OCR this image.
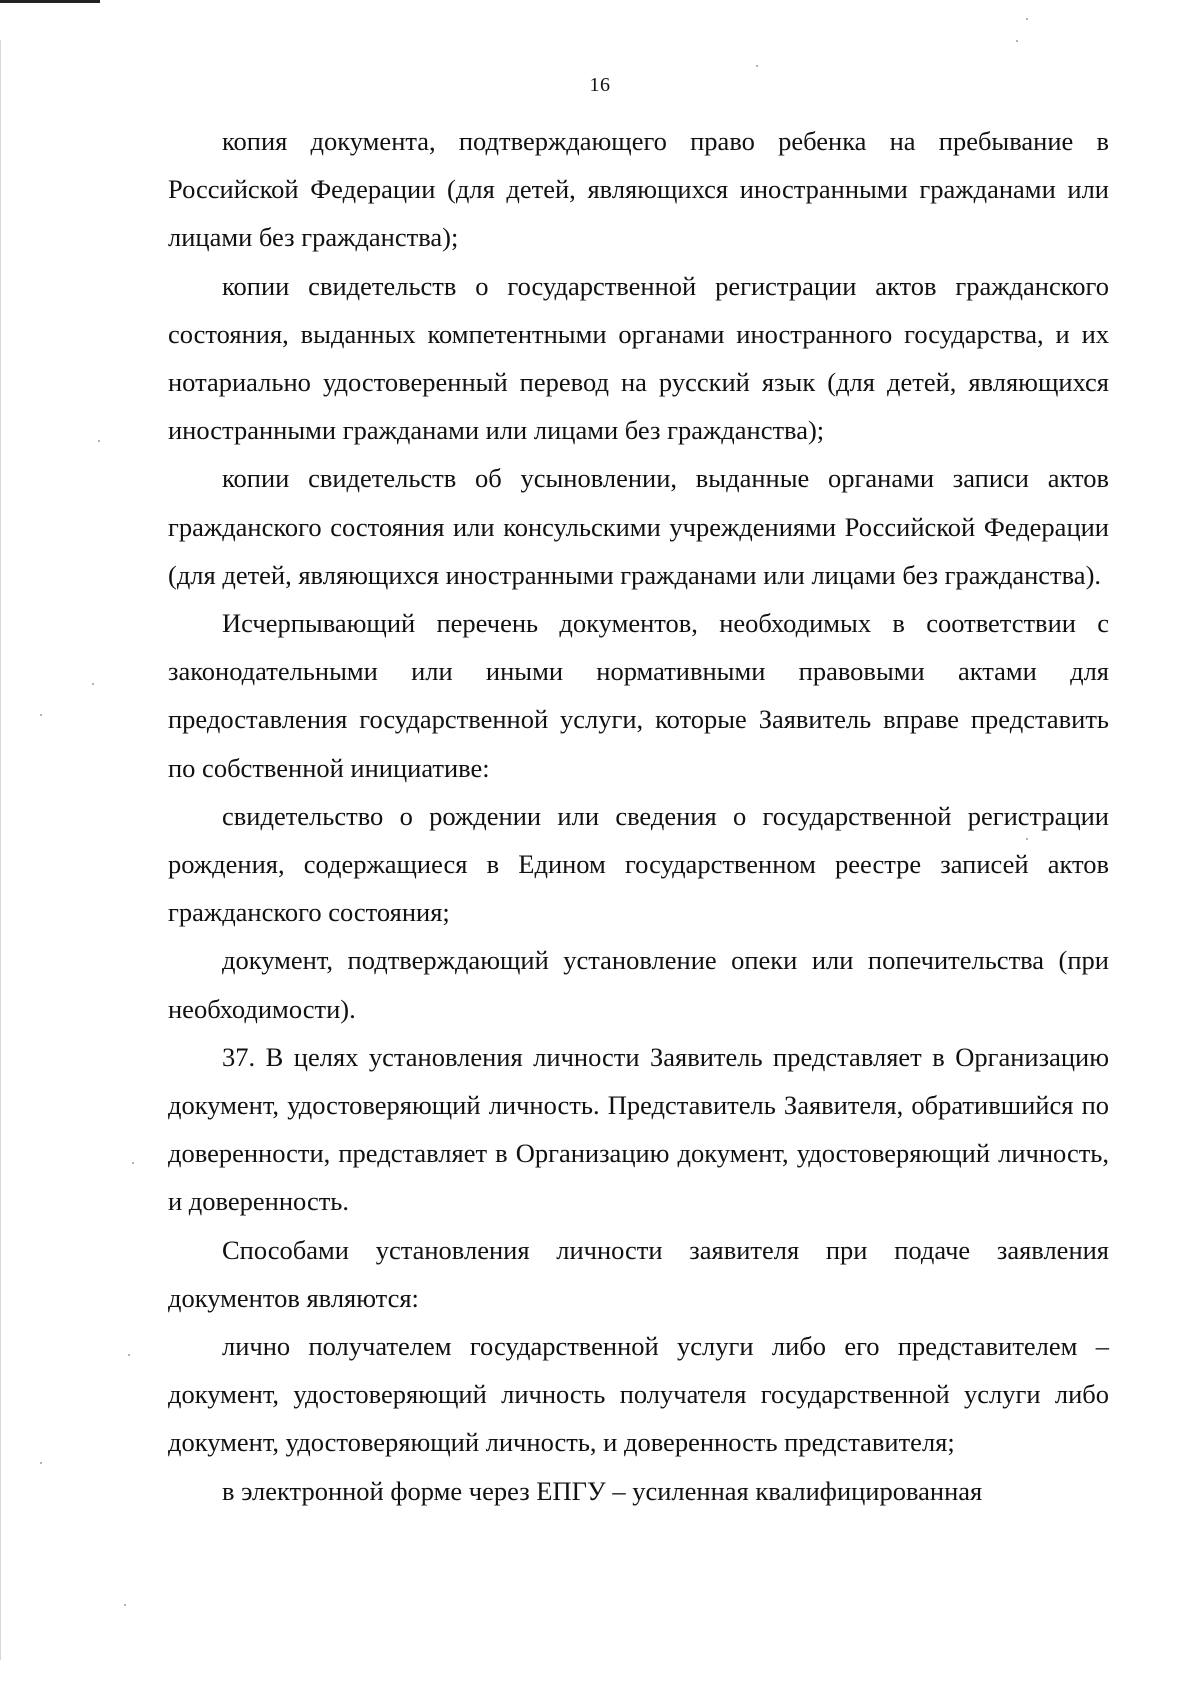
16

копия документа, подтверждающего право ребенка на пребывание в Российской Федерации (для детей, являющихся иностранными гражданами или лицами без гражданства);

копии свидетельств о государственной регистрации актов гражданского состояния, выданных компетентными органами иностранного государства, и их нотариально удостоверенный перевод на русский язык (для детей, являющихся иностранными гражданами или лицами без гражданства);

копии свидетельств об усыновлении, выданные органами записи актов гражданского состояния или консульскими учреждениями Российской Федерации (для детей, являющихся иностранными гражданами или лицами без гражданства).

Исчерпывающий перечень документов, необходимых в соответствии с законодательными или иными нормативными правовыми актами для предоставления государственной услуги, которые Заявитель вправе представить по собственной инициативе:

свидетельство о рождении или сведения о государственной регистрации рождения, содержащиеся в Едином государственном реестре записей актов гражданского состояния;

документ, подтверждающий установление опеки или попечительства (при необходимости).

37. В целях установления личности Заявитель представляет в Организацию документ, удостоверяющий личность. Представитель Заявителя, обратившийся по доверенности, представляет в Организацию документ, удостоверяющий личность, и доверенность.

Способами установления личности заявителя при подаче заявления документов являются:

лично получателем государственной услуги либо его представителем – документ, удостоверяющий личность получателя государственной услуги либо документ, удостоверяющий личность, и доверенность представителя;

в электронной форме через ЕПГУ – усиленная квалифицированная
